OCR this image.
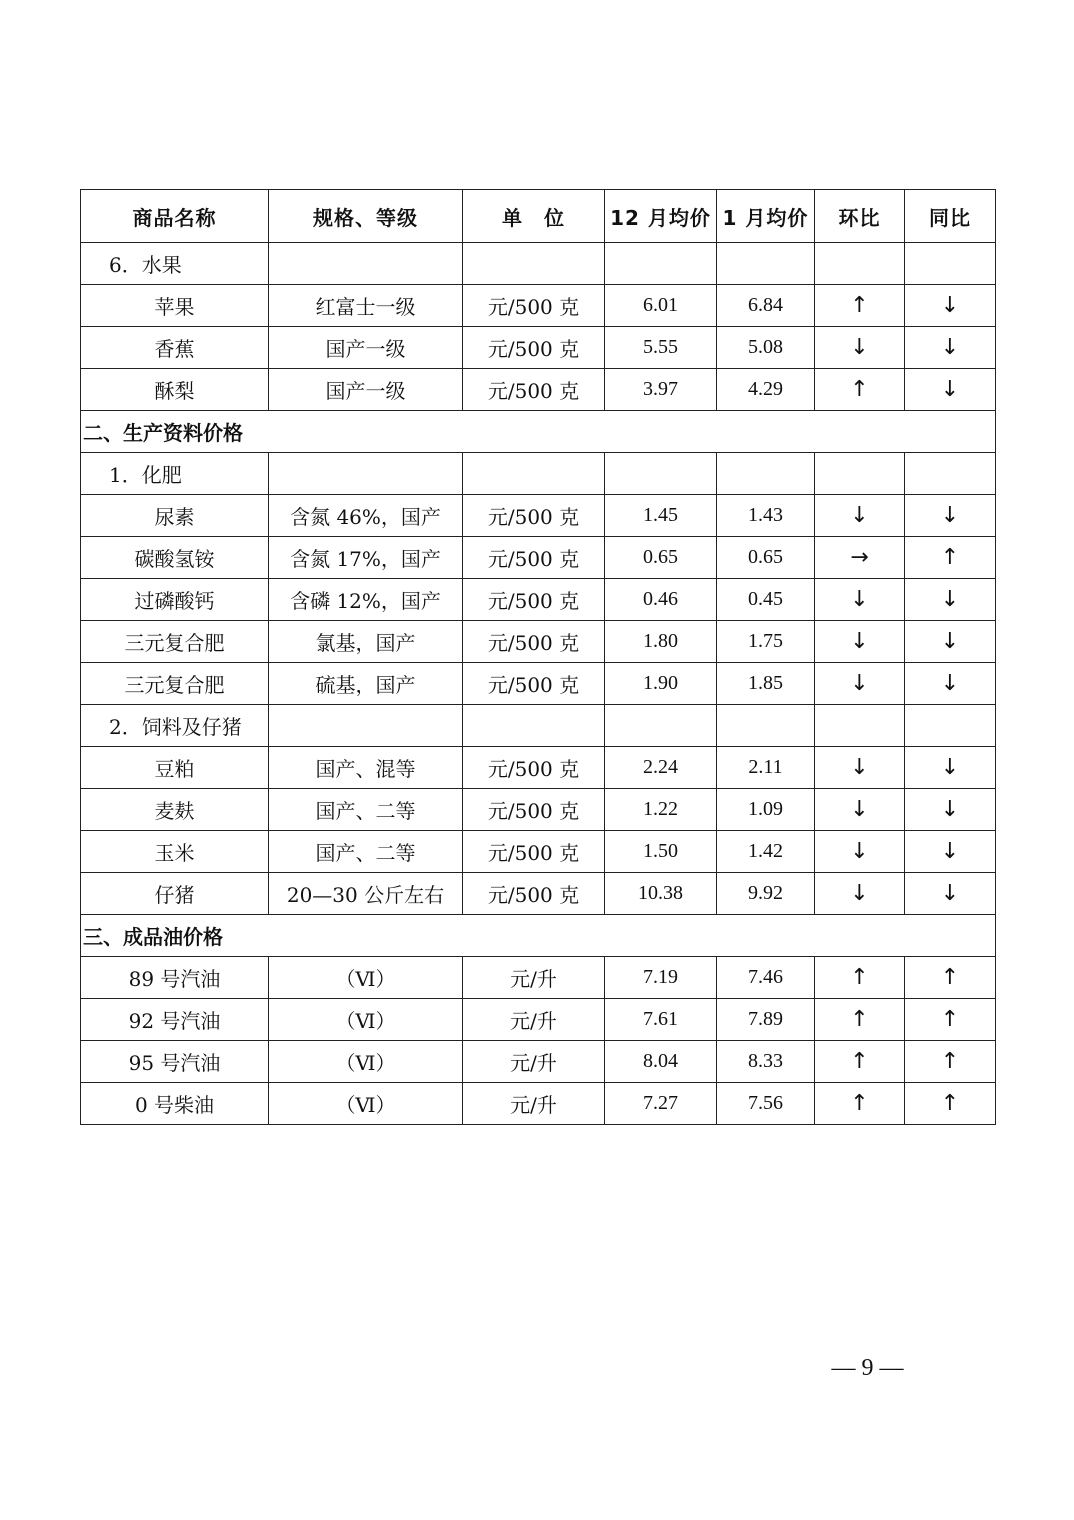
商品名称	规格、等级	单　位	12 月均价	1 月均价	环比	同比
6．水果						
苹果	红富士一级	元/500 克	6.01	6.84	↑	↓
香蕉	国产一级	元/500 克	5.55	5.08	↓	↓
酥梨	国产一级	元/500 克	3.97	4.29	↑	↓
二、生产资料价格						
1．化肥						
尿素	含氮 46%，国产	元/500 克	1.45	1.43	↓	↓
碳酸氢铵	含氮 17%，国产	元/500 克	0.65	0.65	→	↑
过磷酸钙	含磷 12%，国产	元/500 克	0.46	0.45	↓	↓
三元复合肥	氯基，国产	元/500 克	1.80	1.75	↓	↓
三元复合肥	硫基，国产	元/500 克	1.90	1.85	↓	↓
2．饲料及仔猪						
豆粕	国产、混等	元/500 克	2.24	2.11	↓	↓
麦麸	国产、二等	元/500 克	1.22	1.09	↓	↓
玉米	国产、二等	元/500 克	1.50	1.42	↓	↓
仔猪	20—30 公斤左右	元/500 克	10.38	9.92	↓	↓
三、成品油价格						
89 号汽油	（Ⅵ）	元/升	7.19	7.46	↑	↑
92 号汽油	（Ⅵ）	元/升	7.61	7.89	↑	↑
95 号汽油	（Ⅵ）	元/升	8.04	8.33	↑	↑
0 号柴油	（Ⅵ）	元/升	7.27	7.56	↑	↑
— 9 —
